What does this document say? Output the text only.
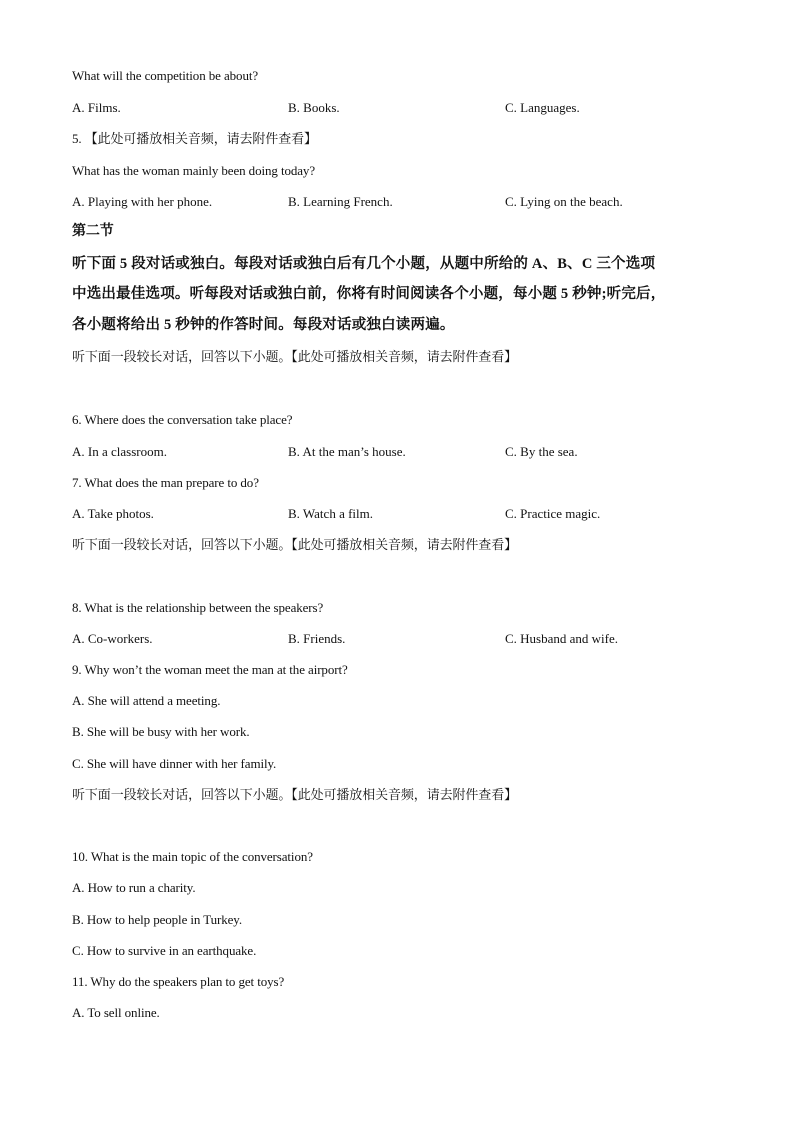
What will the competition be about?
A. Films.	B. Books.	C. Languages.
5. 【此处可播放相关音频，请去附件查看】
What has the woman mainly been doing today?
A. Playing with her phone.	B. Learning French.	C. Lying on the beach.
第二节
听下面 5 段对话或独白。每段对话或独白后有几个小题，从题中所给的 A、B、C 三个选项
中选出最佳选项。听每段对话或独白前，你将有时间阅读各个小题，每小题 5 秒钟;听完后，
各小题将给出 5 秒钟的作答时间。每段对话或独白读两遍。
听下面一段较长对话，回答以下小题。【此处可播放相关音频，请去附件查看】
6. Where does the conversation take place?
A. In a classroom.	B. At the man’s house.	C. By the sea.
7. What does the man prepare to do?
A. Take photos.	B. Watch a film.	C. Practice magic.
听下面一段较长对话，回答以下小题。【此处可播放相关音频，请去附件查看】
8. What is the relationship between the speakers?
A. Co-workers.	B. Friends.	C. Husband and wife.
9. Why won’t the woman meet the man at the airport?
A. She will attend a meeting.
B. She will be busy with her work.
C. She will have dinner with her family.
听下面一段较长对话，回答以下小题。【此处可播放相关音频，请去附件查看】
10. What is the main topic of the conversation?
A. How to run a charity.
B. How to help people in Turkey.
C. How to survive in an earthquake.
11. Why do the speakers plan to get toys?
A. To sell online.
